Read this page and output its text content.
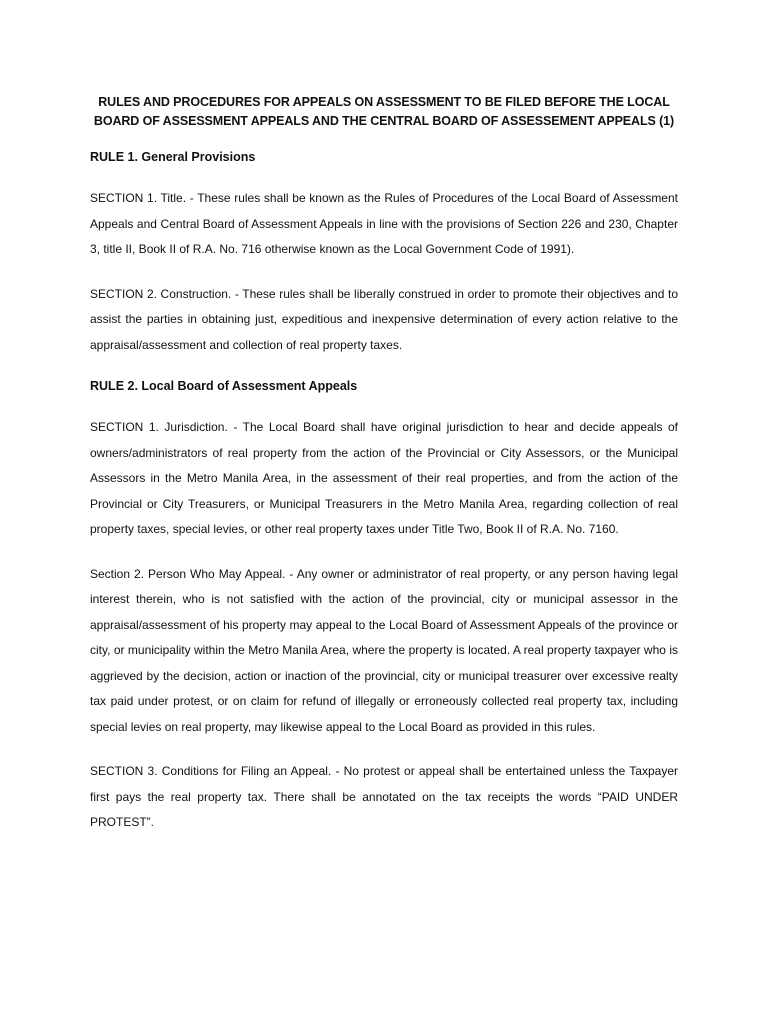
RULES AND PROCEDURES FOR APPEALS ON ASSESSMENT TO BE FILED BEFORE THE LOCAL BOARD OF ASSESSMENT APPEALS AND THE CENTRAL BOARD OF ASSESSEMENT APPEALS (1)
RULE 1. General Provisions
SECTION 1. Title. - These rules shall be known as the Rules of Procedures of the Local Board of Assessment Appeals and Central Board of Assessment Appeals in line with the provisions of Section 226 and 230, Chapter 3, title II, Book II of R.A. No. 716 otherwise known as the Local Government Code of 1991).
SECTION 2. Construction. - These rules shall be liberally construed in order to promote their objectives and to assist the parties in obtaining just, expeditious and inexpensive determination of every action relative to the appraisal/assessment and collection of real property taxes.
RULE 2. Local Board of Assessment Appeals
SECTION 1. Jurisdiction. - The Local Board shall have original jurisdiction to hear and decide appeals of owners/administrators of real property from the action of the Provincial or City Assessors, or the Municipal Assessors in the Metro Manila Area, in the assessment of their real properties, and from the action of the Provincial or City Treasurers, or Municipal Treasurers in the Metro Manila Area, regarding collection of real property taxes, special levies, or other real property taxes under Title Two, Book II of R.A. No. 7160.
Section 2. Person Who May Appeal. - Any owner or administrator of real property, or any person having legal interest therein, who is not satisfied with the action of the provincial, city or municipal assessor in the appraisal/assessment of his property may appeal to the Local Board of Assessment Appeals of the province or city, or municipality within the Metro Manila Area, where the property is located. A real property taxpayer who is aggrieved by the decision, action or inaction of the provincial, city or municipal treasurer over excessive realty tax paid under protest, or on claim for refund of illegally or erroneously collected real property tax, including special levies on real property, may likewise appeal to the Local Board as provided in this rules.
SECTION 3. Conditions for Filing an Appeal. - No protest or appeal shall be entertained unless the Taxpayer first pays the real property tax. There shall be annotated on the tax receipts the words “PAID UNDER PROTEST”.
